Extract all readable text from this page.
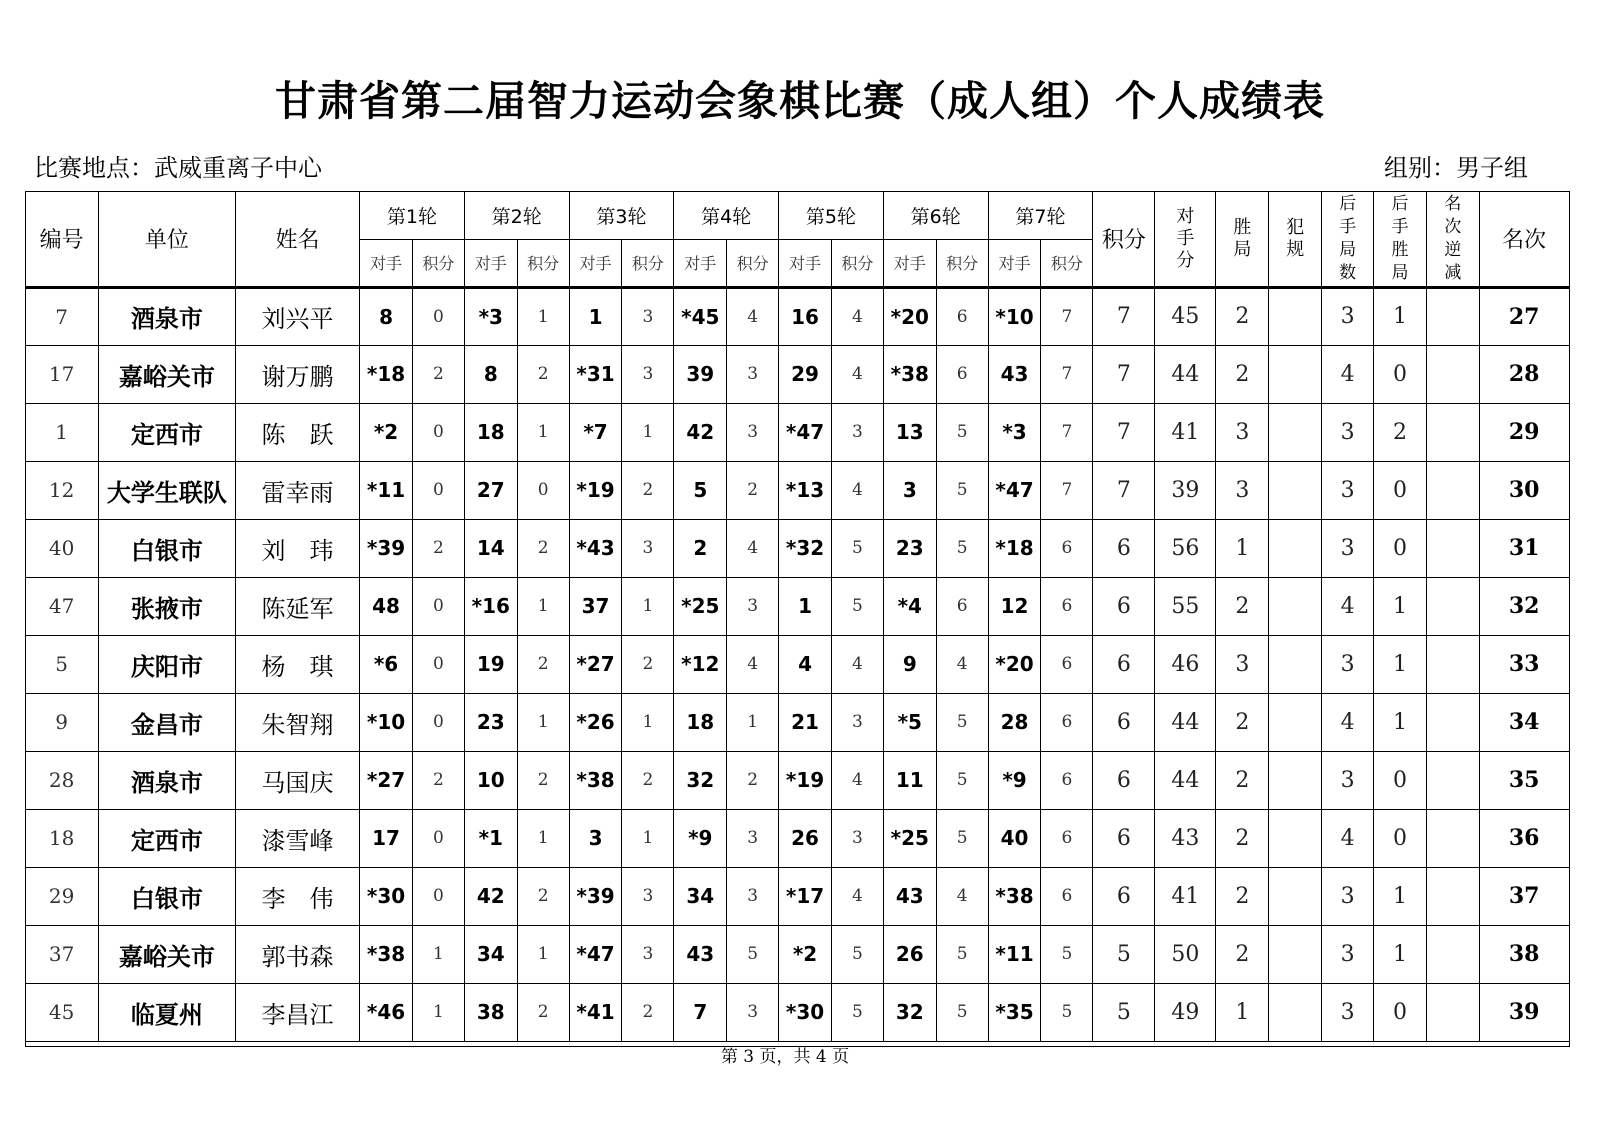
甘肃省第二届智力运动会象棋比赛（成人组）个人成绩表
比赛地点：武威重离子中心	组别：男子组
编号	单位	姓名	第1轮		第2轮		第3轮		第4轮		第5轮		第6轮		第7轮		积分	对手分	胜局	犯规	后手局数	后手胜局	名次逆减	名次
			对手	积分	对手	积分	对手	积分	对手	积分	对手	积分	对手	积分	对手	积分								
7	酒泉市	刘兴平	8	0	*3	1	1	3	*45	4	16	4	*20	6	*10	7	7	45	2		3	1		27
17	嘉峪关市	谢万鹏	*18	2	8	2	*31	3	39	3	29	4	*38	6	43	7	7	44	2		4	0		28
1	定西市	陈　跃	*2	0	18	1	*7	1	42	3	*47	3	13	5	*3	7	7	41	3		3	2		29
12	大学生联队	雷幸雨	*11	0	27	0	*19	2	5	2	*13	4	3	5	*47	7	7	39	3		3	0		30
40	白银市	刘　玮	*39	2	14	2	*43	3	2	4	*32	5	23	5	*18	6	6	56	1		3	0		31
47	张掖市	陈延军	48	0	*16	1	37	1	*25	3	1	5	*4	6	12	6	6	55	2		4	1		32
5	庆阳市	杨　琪	*6	0	19	2	*27	2	*12	4	4	4	9	4	*20	6	6	46	3		3	1		33
9	金昌市	朱智翔	*10	0	23	1	*26	1	18	1	21	3	*5	5	28	6	6	44	2		4	1		34
28	酒泉市	马国庆	*27	2	10	2	*38	2	32	2	*19	4	11	5	*9	6	6	44	2		3	0		35
18	定西市	漆雪峰	17	0	*1	1	3	1	*9	3	26	3	*25	5	40	6	6	43	2		4	0		36
29	白银市	李　伟	*30	0	42	2	*39	3	34	3	*17	4	43	4	*38	6	6	41	2		3	1		37
37	嘉峪关市	郭书森	*38	1	34	1	*47	3	43	5	*2	5	26	5	*11	5	5	50	2		3	1		38
45	临夏州	李昌江	*46	1	38	2	*41	2	7	3	*30	5	32	5	*35	5	5	49	1		3	0		39
第 3 页，共 4 页
